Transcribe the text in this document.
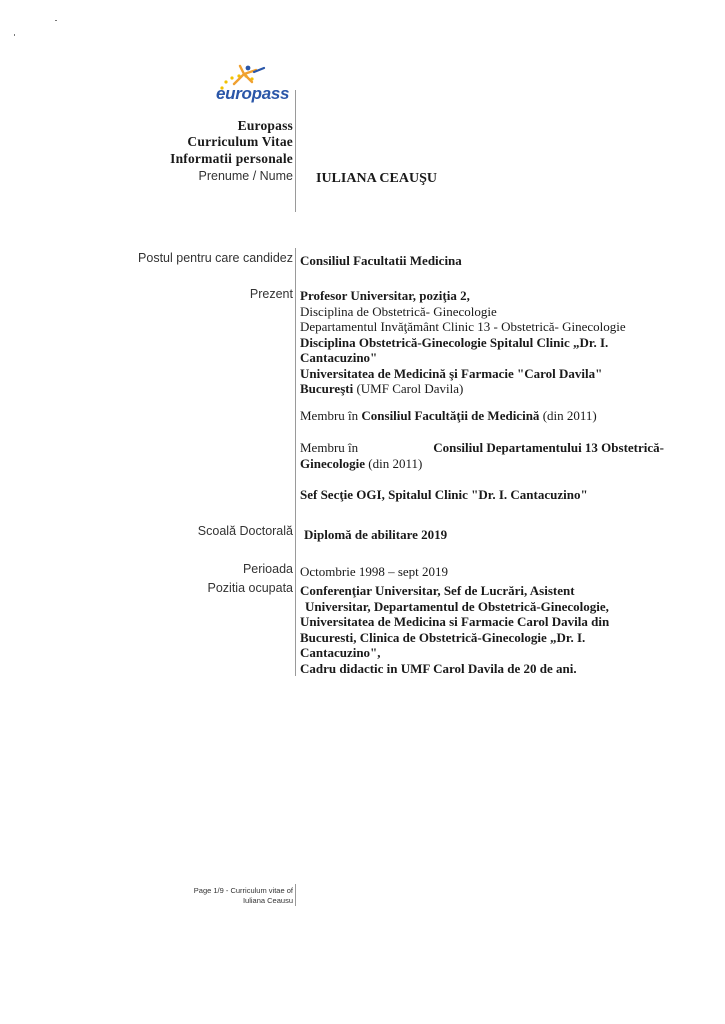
europass
Europass
Curriculum Vitae
Informatii personale
Prenume / Nume IULIANA CEAUŞU
Postul pentru care candidez Consiliul Facultatii Medicina
Prezent Profesor Universitar, poziţia 2,
Disciplina de Obstetrică- Ginecologie
Departamentul Invăţământ Clinic 13 - Obstetrică- Ginecologie
Disciplina Obstetrică-Ginecologie Spitalul Clinic „Dr. I.
Cantacuzino"
Universitatea de Medicină şi Farmacie "Carol Davila"
Bucureşti (UMF Carol Davila)
Membru în Consiliul Facultăţii de Medicină (din 2011)
Membru în	Consiliul Departamentului 13 Obstetrică-
Ginecologie (din 2011)
Sef Secţie OGI, Spitalul Clinic "Dr. I. Cantacuzino"
Scoală Doctorală Diplomă de abilitare 2019
Perioada Octombrie 1998 – sept 2019
Pozitia ocupata Conferenţiar Universitar, Sef de Lucrări, Asistent
Universitar, Departamentul de Obstetrică-Ginecologie,
Universitatea de Medicina si Farmacie Carol Davila din
Bucuresti, Clinica de Obstetrică-Ginecologie „Dr. I.
Cantacuzino",
Cadru didactic in UMF Carol Davila de 20 de ani.
Page 1/9 - Curriculum vitae of
Iuliana Ceausu
